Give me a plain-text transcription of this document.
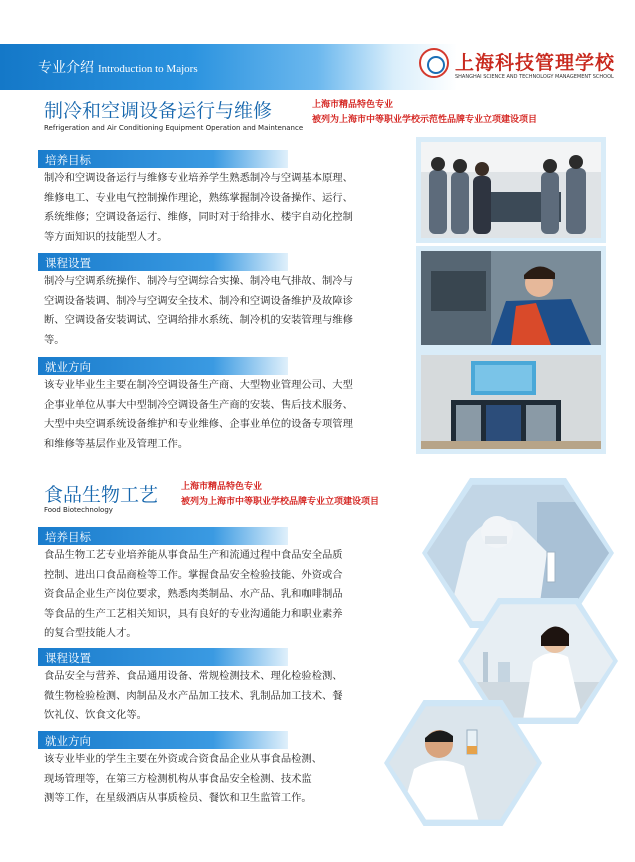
专业介绍 Introduction to Majors	上海科技管理学校
SHANGHAI SCIENCE AND TECHNOLOGY MANAGEMENT SCHOOL
制冷和空调设备运行与维修
Refrigeration and Air Conditioning Equipment Operation and Maintenance
上海市精品特色专业
被列为上海市中等职业学校示范性品牌专业立项建设项目
培养目标

制冷和空调设备运行与维修专业培养学生熟悉制冷与空调基本原理、

维修电工、专业电气控制操作理论，熟练掌握制冷设备操作、运行、

系统维修；空调设备运行、维修，同时对于给排水、楼宇自动化控制

等方面知识的技能型人才。

课程设置

制冷与空调系统操作、制冷与空调综合实操、制冷电气排故、制冷与

空调设备装调、制冷与空调安全技术、制冷和空调设备维护及故障诊

断、空调设备安装调试、空调给排水系统、制冷机的安装管理与维修

等。

就业方向

该专业毕业生主要在制冷空调设备生产商、大型物业管理公司、大型

企事业单位从事大中型制冷空调设备生产商的安装、售后技术服务、

大型中央空调系统设备维护和专业维修、企事业单位的设备专项管理

和维修等基层作业及管理工作。

食品生物工艺
Food Biotechnology
上海市精品特色专业
被列为上海市中等职业学校品牌专业立项建设项目
培养目标

食品生物工艺专业培养能从事食品生产和流通过程中食品安全品质

控制、进出口食品商检等工作。掌握食品安全检验技能、外资或合

资食品企业生产岗位要求，熟悉肉类制品、水产品、乳和咖啡制品

等食品的生产工艺相关知识，具有良好的专业沟通能力和职业素养

的复合型技能人才。

课程设置

食品安全与营养、食品通用设备、常规检测技术、理化检验检测、

微生物检验检测、肉制品及水产品加工技术、乳制品加工技术、餐

饮礼仪、饮食文化等。

就业方向

该专业毕业的学生主要在外资或合资食品企业从事食品检测、

现场管理等，在第三方检测机构从事食品安全检测、技术监

测等工作，在星级酒店从事质检员、餐饮和卫生监管工作。
